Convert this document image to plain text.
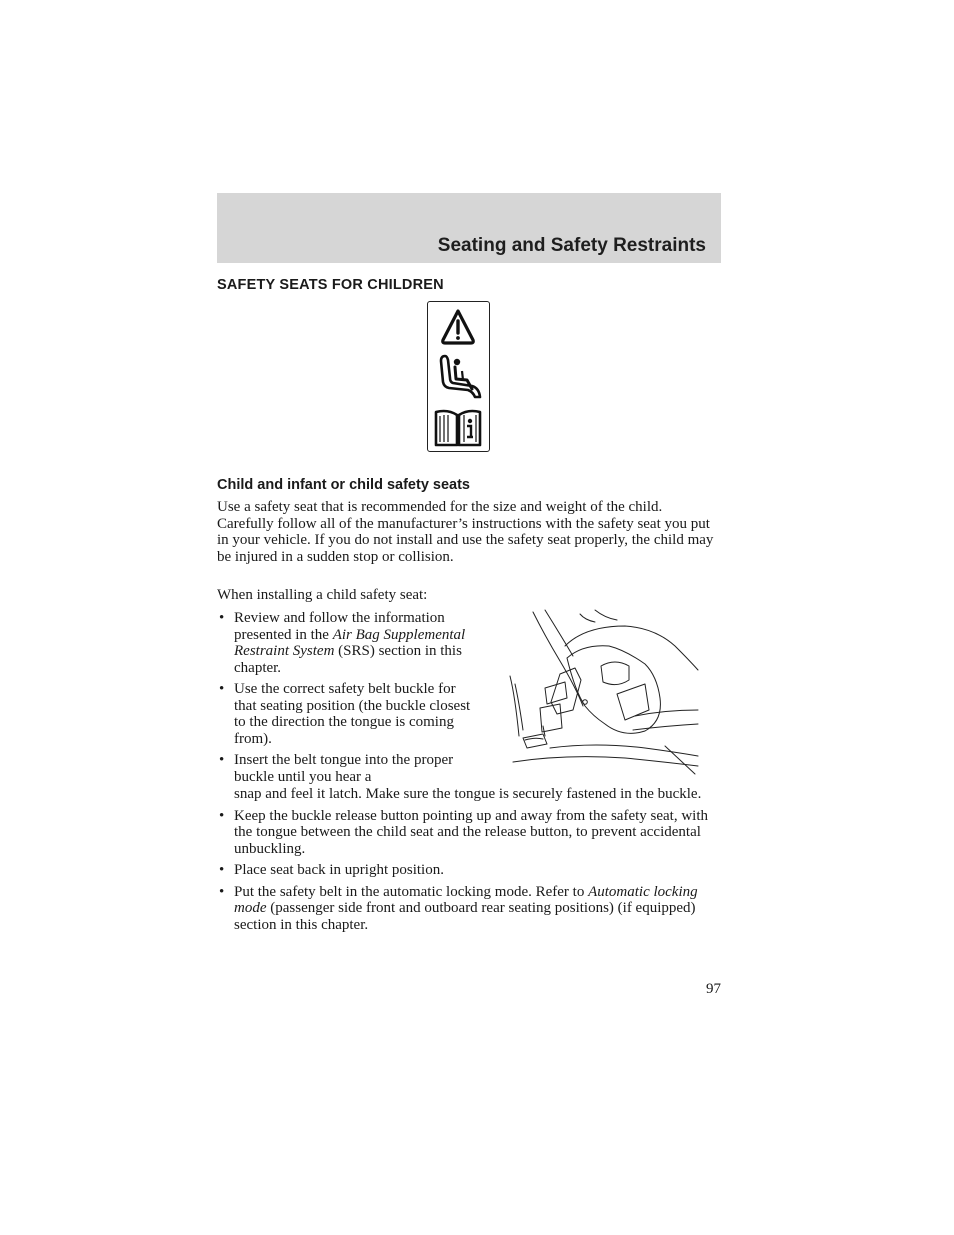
Seating and Safety Restraints
SAFETY SEATS FOR CHILDREN
Child and infant or child safety seats

Use a safety seat that is recommended for the size and weight of the child. Carefully follow all of the manufacturer’s instructions with the safety seat you put in your vehicle. If you do not install and use the safety seat properly, the child may be injured in a sudden stop or collision.

When installing a child safety seat:

• Review and follow the information presented in the Air Bag Supplemental Restraint System (SRS) section in this chapter.
• Use the correct safety belt buckle for that seating position (the buckle closest to the direction the tongue is coming from).
• Insert the belt tongue into the proper buckle until you hear a
snap and feel it latch. Make sure the tongue is securely fastened in the buckle.
• Keep the buckle release button pointing up and away from the safety seat, with the tongue between the child seat and the release button, to prevent accidental unbuckling.
• Place seat back in upright position.
• Put the safety belt in the automatic locking mode. Refer to Automatic locking mode (passenger side front and outboard rear seating positions) (if equipped) section in this chapter.
97
